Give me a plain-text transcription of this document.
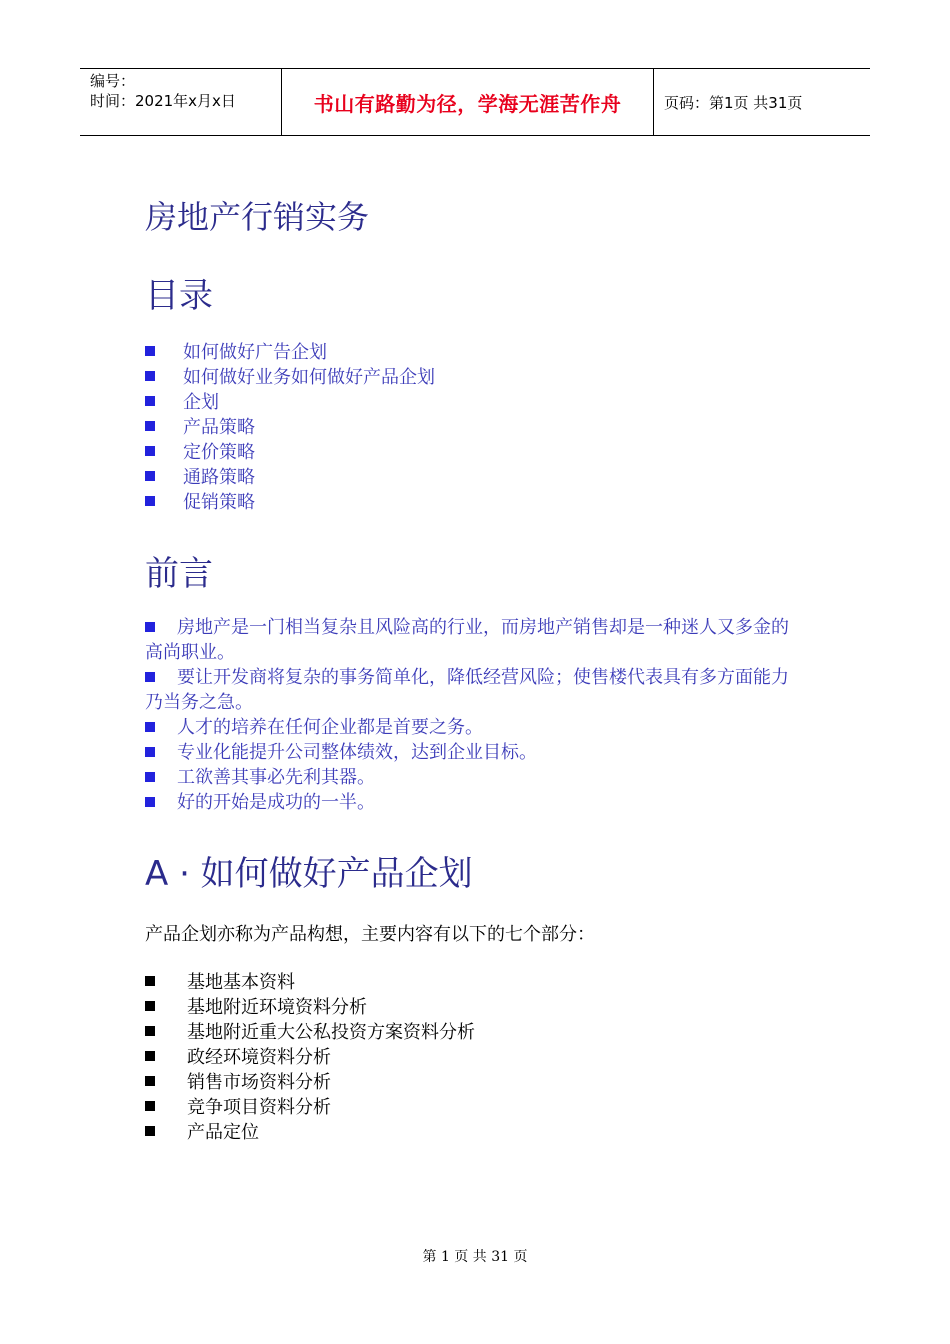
编号：
时间：2021年x月x日	书山有路勤为径，学海无涯苦作舟	页码：第1页 共31页
房地产行销实务
目录
如何做好广告企划
如何做好业务如何做好产品企划
企划
产品策略
定价策略
通路策略
促销策略
前言

房地产是一门相当复杂且风险高的行业，而房地产销售却是一种迷人又多金的高尚职业。

要让开发商将复杂的事务简单化，降低经营风险；使售楼代表具有多方面能力乃当务之急。

人才的培养在任何企业都是首要之务。

专业化能提升公司整体绩效，达到企业目标。

工欲善其事必先利其器。

好的开始是成功的一半。

A · 如何做好产品企划

产品企划亦称为产品构想，主要内容有以下的七个部分：

基地基本资料
基地附近环境资料分析
基地附近重大公私投资方案资料分析
政经环境资料分析
销售市场资料分析
竞争项目资料分析
产品定位
第 1 页 共 31 页
